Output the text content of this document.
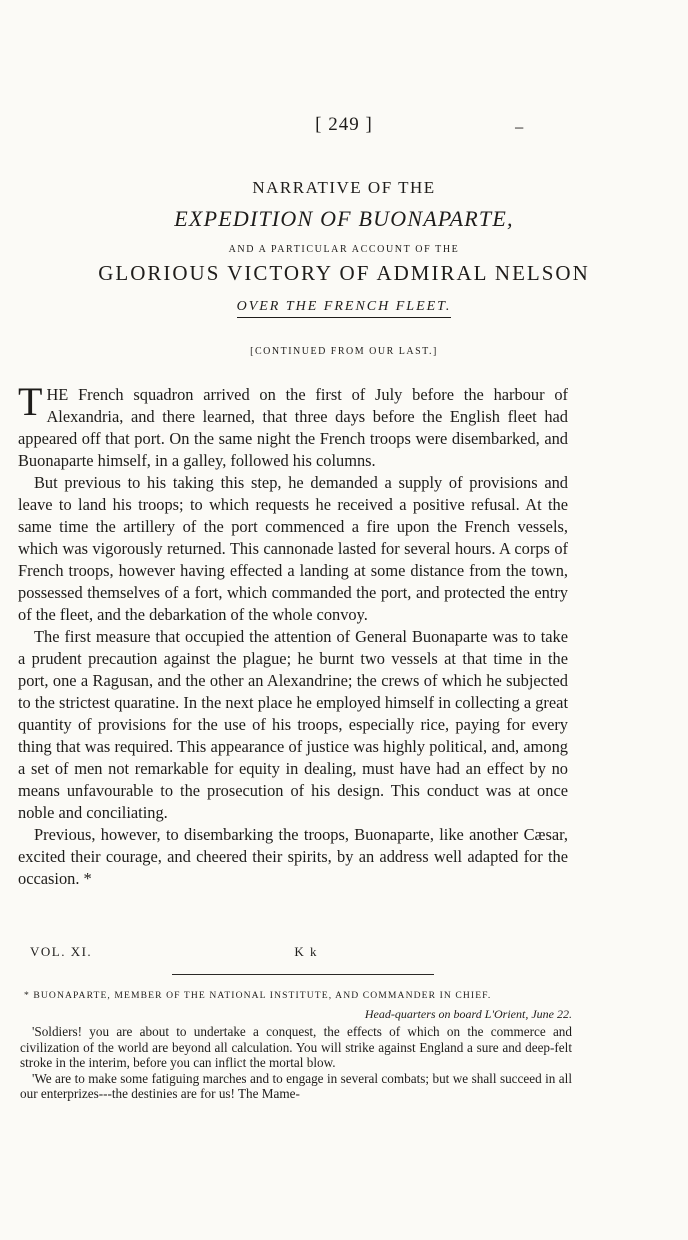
[ 249 ]	−
NARRATIVE OF THE
EXPEDITION OF BUONAPARTE,
AND A PARTICULAR ACCOUNT OF THE
GLORIOUS VICTORY OF ADMIRAL NELSON
OVER THE FRENCH FLEET.
[CONTINUED FROM OUR LAST.]

THE French squadron arrived on the first of July before the harbour of Alexandria, and there learned, that three days before the English fleet had appeared off that port. On the same night the French troops were disembarked, and Buonaparte himself, in a galley, followed his columns.

But previous to his taking this step, he demanded a supply of provisions and leave to land his troops; to which requests he received a positive refusal. At the same time the artillery of the port commenced a fire upon the French vessels, which was vigorously returned. This cannonade lasted for several hours. A corps of French troops, however having effected a landing at some distance from the town, possessed themselves of a fort, which commanded the port, and protected the entry of the fleet, and the debarkation of the whole convoy.

The first measure that occupied the attention of General Buonaparte was to take a prudent precaution against the plague; he burnt two vessels at that time in the port, one a Ragusan, and the other an Alexandrine; the crews of which he subjected to the strictest quaratine. In the next place he employed himself in collecting a great quantity of provisions for the use of his troops, especially rice, paying for every thing that was required. This appearance of justice was highly political, and, among a set of men not remarkable for equity in dealing, must have had an effect by no means unfavourable to the prosecution of his design. This conduct was at once noble and conciliating.

Previous, however, to disembarking the troops, Buonaparte, like another Cæsar, excited their courage, and cheered their spirits, by an address well adapted for the occasion. *

VOL. XI.	K k
* BUONAPARTE, MEMBER OF THE NATIONAL INSTITUTE, AND COMMANDER IN CHIEF.
Head-quarters on board L'Orient, June 22.

'Soldiers! you are about to undertake a conquest, the effects of which on the commerce and civilization of the world are beyond all calculation. You will strike against England a sure and deep-felt stroke in the interim, before you can inflict the mortal blow.

'We are to make some fatiguing marches and to engage in several combats; but we shall succeed in all our enterprizes---the destinies are for us! The Mame-
